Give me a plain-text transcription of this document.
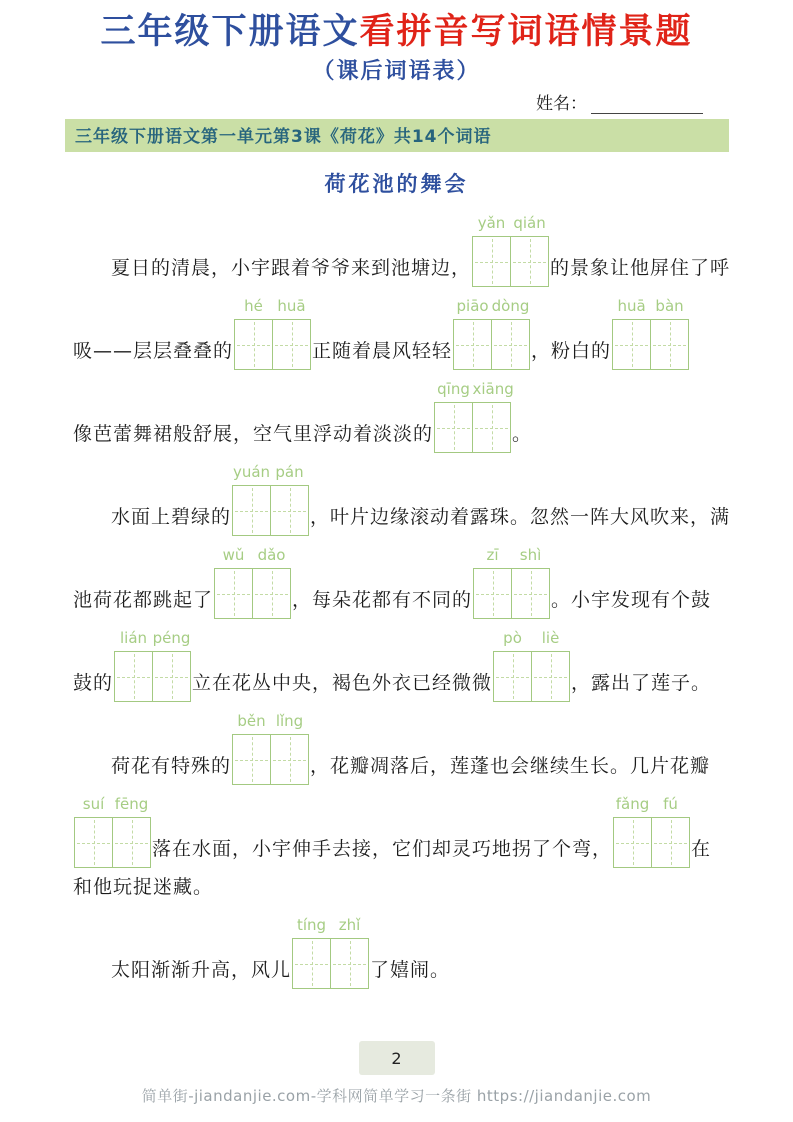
三年级下册语文看拼音写词语情景题
（课后词语表）
姓名：
三年级下册语文第一单元第3课《荷花》共14个词语
荷花池的舞会
夏日的清晨，小宇跟着爷爷来到池塘边，
yǎn qián
的景象让他屏住了呼
吸——层层叠叠的
hé huā
正随着晨风轻轻
piāo dòng
，粉白的
huā bàn
像芭蕾舞裙般舒展，空气里浮动着淡淡的
qīng xiāng
。
水面上碧绿的
yuán pán
，叶片边缘滚动着露珠。忽然一阵大风吹来，满
池荷花都跳起了
wǔ dǎo
，每朵花都有不同的
zī	shì
。小宇发现有个鼓
鼓的
lián péng
立在花丛中央，褐色外衣已经微微
pò	liè
，露出了莲子。
荷花有特殊的
běn lǐng
，花瓣凋落后，莲蓬也会继续生长。几片花瓣
suí fēng
落在水面，小宇伸手去接，它们却灵巧地拐了个弯，
fǎng fú
在
和他玩捉迷藏。
太阳渐渐升高，风儿
tíng zhǐ
了嬉闹。
2
简单街-jiandanjie.com-学科网简单学习一条街 https://jiandanjie.com
